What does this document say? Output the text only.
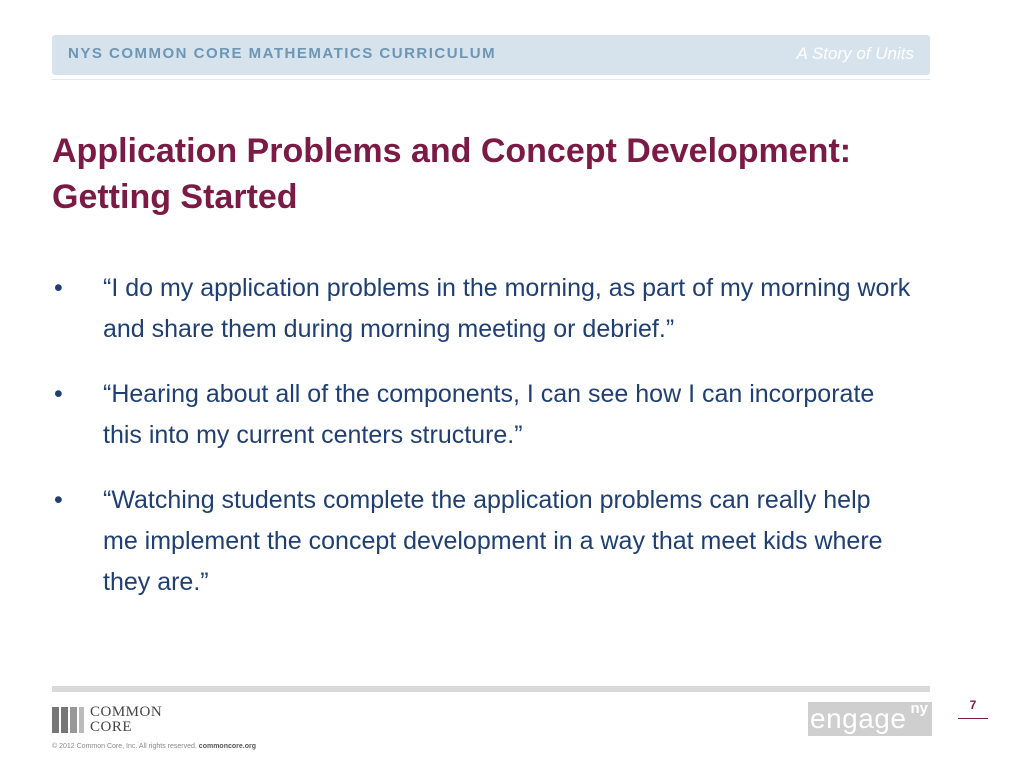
NYS COMMON CORE MATHEMATICS CURRICULUM	A Story of Units
Application Problems and Concept Development:
Getting Started
•	“I do my application problems in the morning, as part of my morning work and share them during morning meeting or debrief.”
•	“Hearing about all of the components, I can see how I can incorporate this into my current centers structure.”
•	“Watching students complete the application problems can really help me implement the concept development in a way that meet kids where they are.”
COMMON
CORE
© 2012 Common Core, Inc. All rights reserved. commoncore.org
engage ny	7
